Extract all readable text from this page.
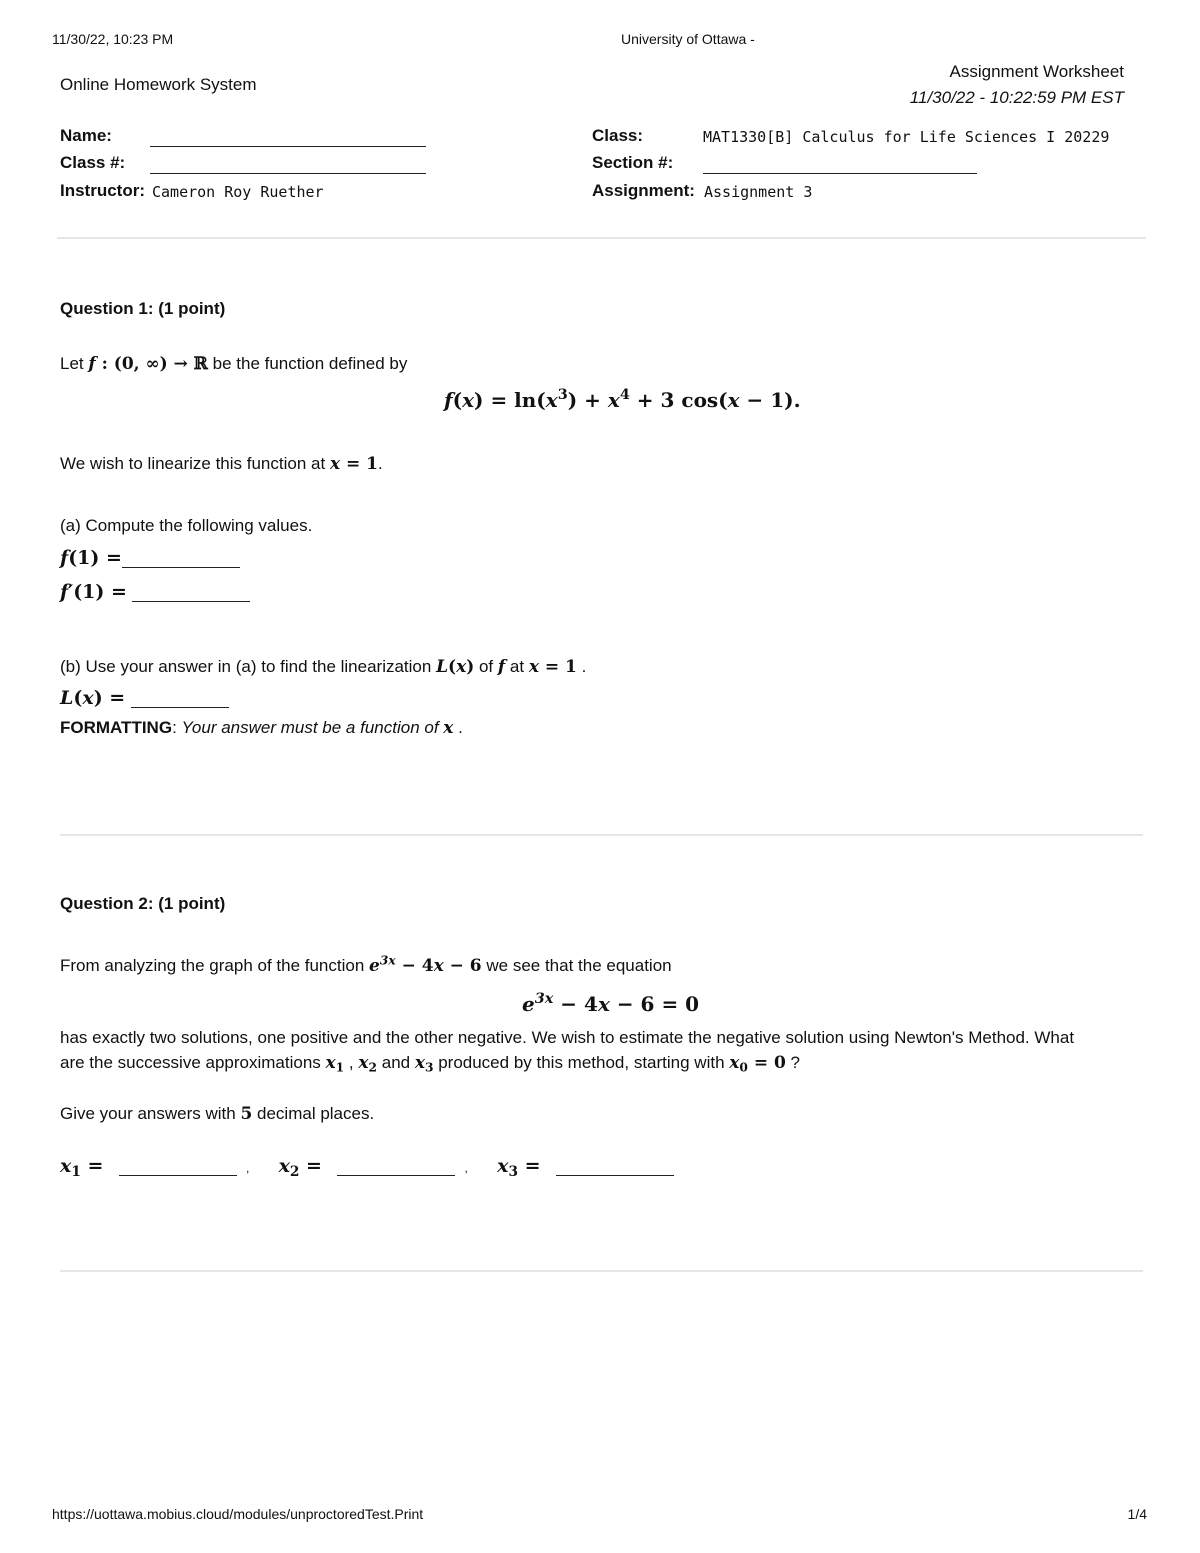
11/30/22, 10:23 PM	University of Ottawa -
Online Homework System
Assignment Worksheet
11/30/22 - 10:22:59 PM EST
Name:
Class #:
Instructor: Cameron Roy Ruether
Class:	MAT1330[B] Calculus for Life Sciences I 20229
Section #:
Assignment: Assignment 3
Question 1: (1 point)
Let f : (0, ∞) → ℝ be the function defined by
$f(x) = \ln(x^3) + x^4 + 3$ cos(x − 1).
We wish to linearize this function at x = 1.
(a) Compute the following values.
f(1) =
f′(1) =
(b) Use your answer in (a) to find the linearization L(x) of f at x = 1 .
L(x) =
FORMATTING: Your answer must be a function of x .
Question 2: (1 point)
From analyzing the graph of the function $e^{3x} - 4x - 6$ we see that the equation
$e^{3x} - 4x - 6 = 0$
has exactly two solutions, one positive and the other negative. We wish to estimate the negative solution using Newton's Method. What
are the successive approximations $x_1$ , $x_2$ and $x_3$ produced by this method, starting with $x_0 = 0$ ?
Give your answers with 5 decimal places.
$x_1$ =	, $x_2$ =	, $x_3$ =
https://uottawa.mobius.cloud/modules/unproctoredTest.Print	1/4
